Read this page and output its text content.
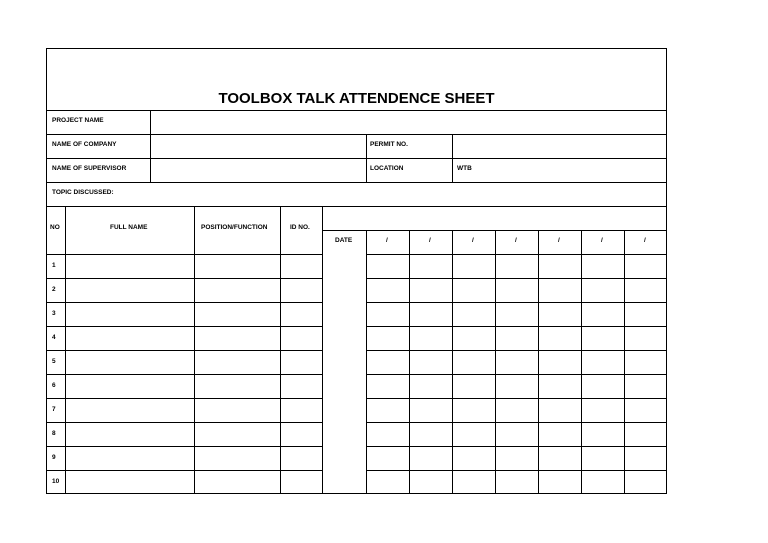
TOOLBOX TALK ATTENDENCE SHEET
PROJECT NAME
NAME OF COMPANY	PERMIT NO.
NAME OF SUPERVISOR	LOCATION	WTB
TOPIC DISCUSSED:
NO	FULL NAME	POSITION/FUNCTION	ID NO.
DATE	/	/	/	/	/	/	/
1
2
3
4
5
6
7
8
9
10
